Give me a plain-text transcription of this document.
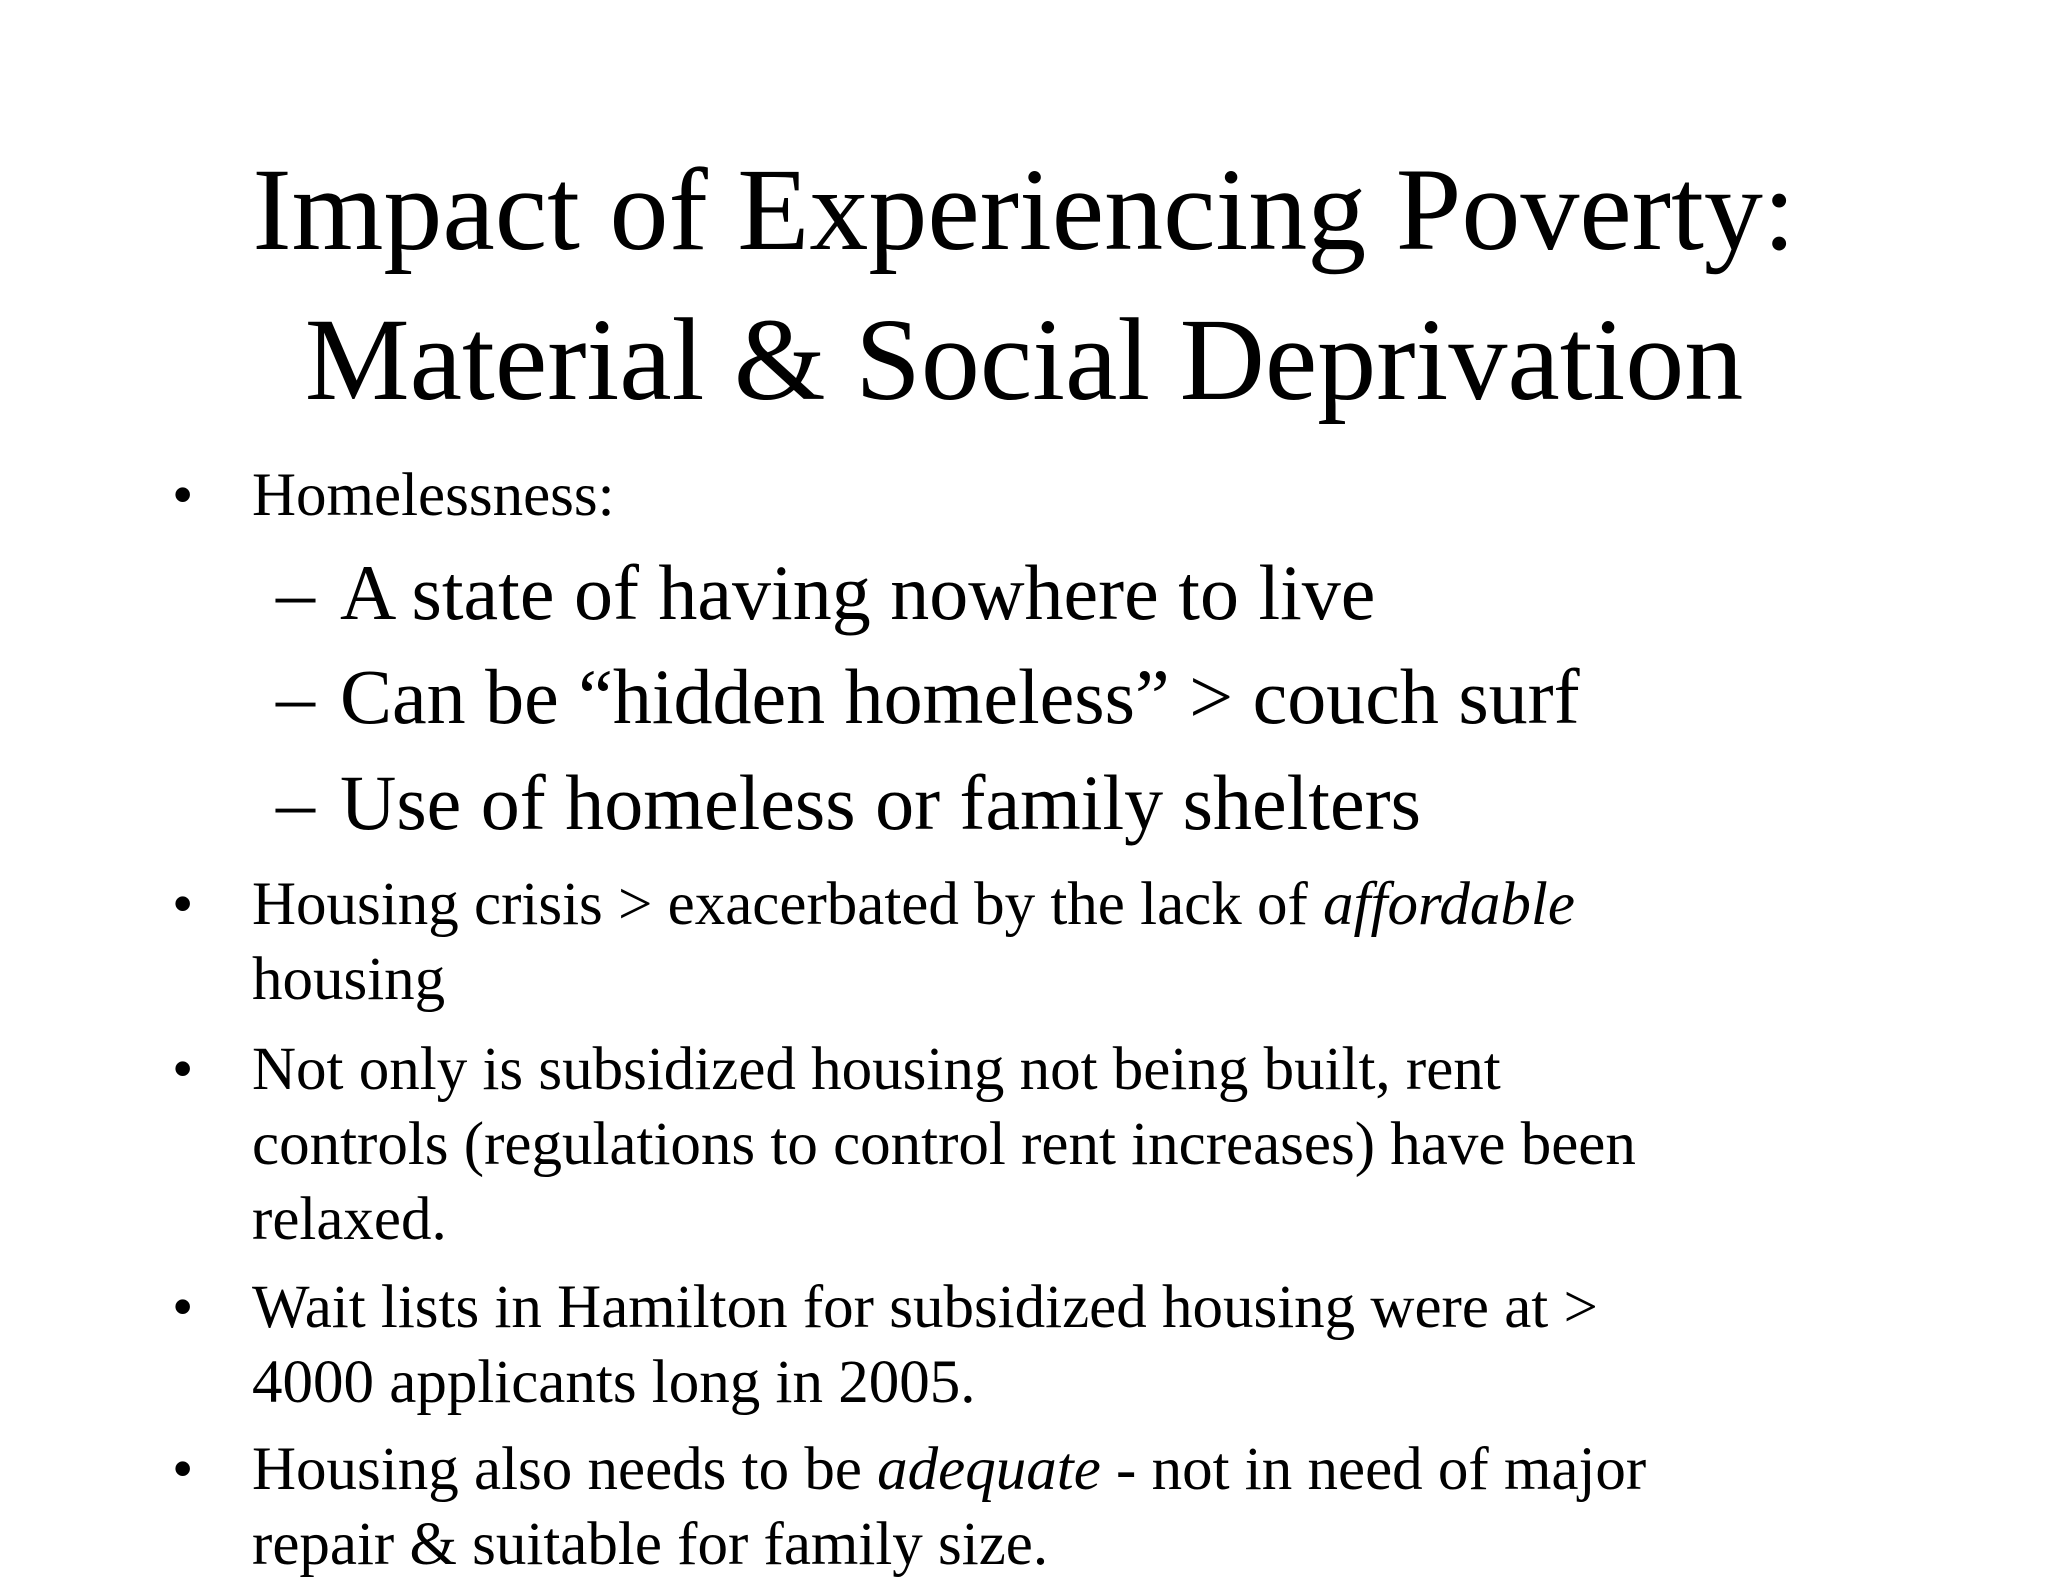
Impact of Experiencing Poverty:
Material & Social Deprivation
• Homelessness:
– A state of having nowhere to live
– Can be “hidden homeless” > couch surf
– Use of homeless or family shelters
• Housing crisis > exacerbated by the lack of affordable
housing
• Not only is subsidized housing not being built, rent
controls (regulations to control rent increases) have been
relaxed.
• Wait lists in Hamilton for subsidized housing were at >
4000 applicants long in 2005.
• Housing also needs to be adequate - not in need of major
repair & suitable for family size.
